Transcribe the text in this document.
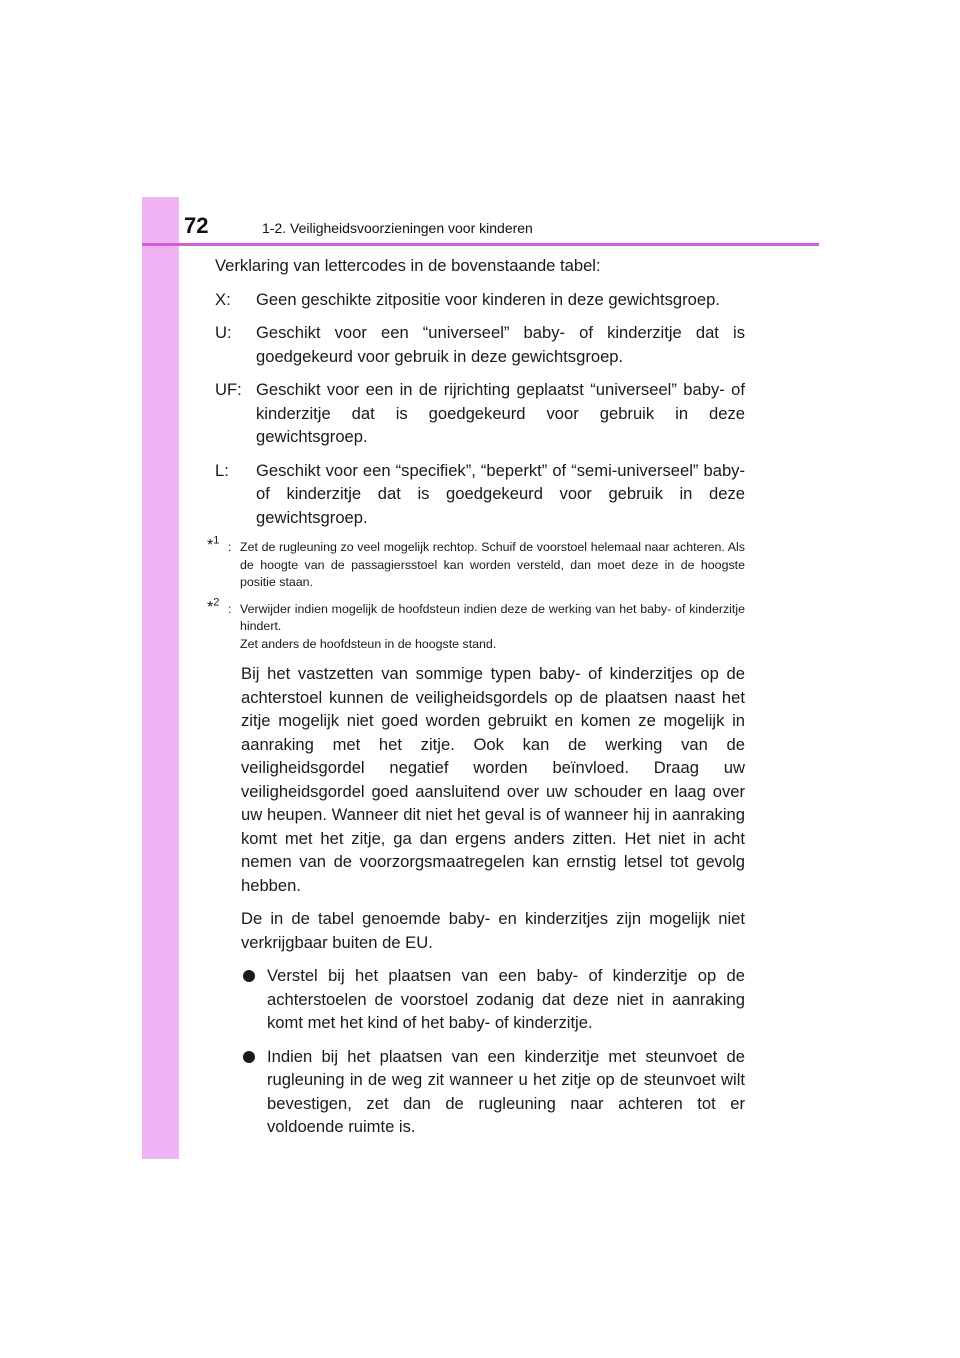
72	1-2. Veiligheidsvoorzieningen voor kinderen

Verklaring van lettercodes in de bovenstaande tabel:

X: Geen geschikte zitpositie voor kinderen in deze gewichtsgroep.
U: Geschikt voor een “universeel” baby- of kinderzitje dat is goedgekeurd voor gebruik in deze gewichtsgroep.
UF: Geschikt voor een in de rijrichting geplaatst “universeel” baby- of kinderzitje dat is goedgekeurd voor gebruik in deze gewichtsgroep.
L: Geschikt voor een “specifiek”, “beperkt” of “semi-universeel” baby- of kinderzitje dat is goedgekeurd voor gebruik in deze gewichtsgroep.
*$^1$ : Zet de rugleuning zo veel mogelijk rechtop. Schuif de voorstoel helemaal naar achteren. Als de hoogte van de passagiersstoel kan worden versteld, dan moet deze in de hoogste positie staan.

*$^2$ : Verwijder indien mogelijk de hoofdsteun indien deze de werking van het baby- of kinderzitje hindert.

Zet anders de hoofdsteun in de hoogste stand.

Bij het vastzetten van sommige typen baby- of kinderzitjes op de achterstoel kunnen de veiligheidsgordels op de plaatsen naast het zitje mogelijk niet goed worden gebruikt en komen ze mogelijk in aanraking met het zitje. Ook kan de werking van de veiligheidsgordel negatief worden beïnvloed. Draag uw veiligheidsgordel goed aansluitend over uw schouder en laag over uw heupen. Wanneer dit niet het geval is of wanneer hij in aanraking komt met het zitje, ga dan ergens anders zitten. Het niet in acht nemen van de voorzorgsmaatregelen kan ernstig letsel tot gevolg hebben.

De in de tabel genoemde baby- en kinderzitjes zijn mogelijk niet verkrijgbaar buiten de EU.

Verstel bij het plaatsen van een baby- of kinderzitje op de achterstoelen de voorstoel zodanig dat deze niet in aanraking komt met het kind of het baby- of kinderzitje.
Indien bij het plaatsen van een kinderzitje met steunvoet de rugleuning in de weg zit wanneer u het zitje op de steunvoet wilt bevestigen, zet dan de rugleuning naar achteren tot er voldoende ruimte is.
